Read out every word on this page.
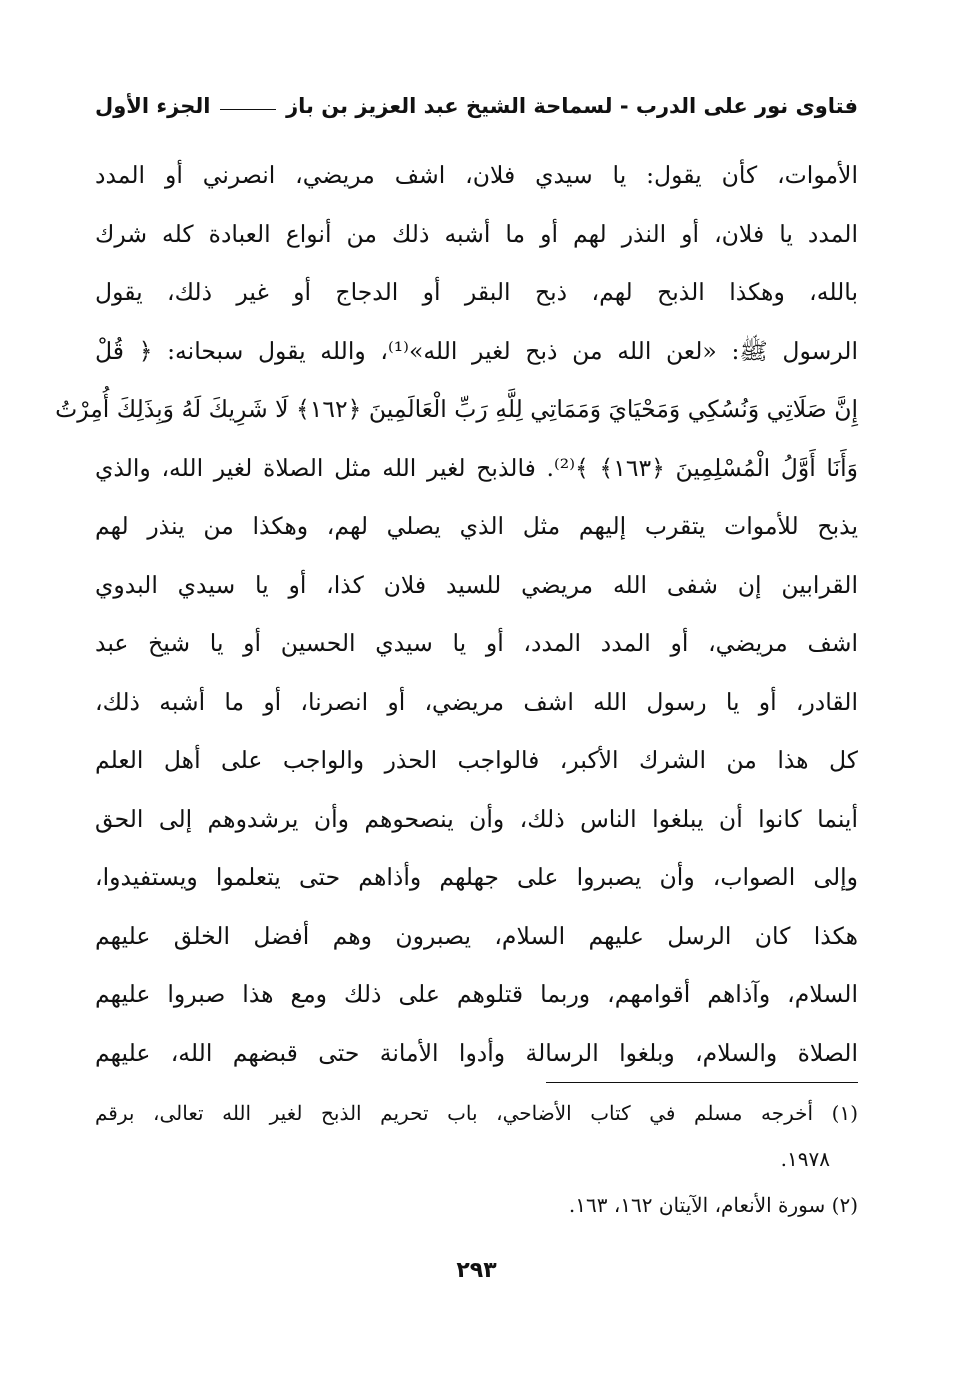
فتاوى نور على الدرب - لسماحة الشيخ عبد العزيز بن باز
الجزء الأول
الأموات، كأن يقول: يا سيدي فلان، اشف مريضي، انصرني أو المدد
المدد يا فلان، أو النذر لهم أو ما أشبه ذلك من أنواع العبادة كله شرك
بالله، وهكذا الذبح لهم، ذبح البقر أو الدجاج أو غير ذلك، يقول
الرسول ﷺ: «لعن الله من ذبح لغير الله»⁽¹⁾، والله يقول سبحانه: ﴿ قُلْ
إِنَّ صَلَاتِي وَنُسُكِي وَمَحْيَايَ وَمَمَاتِي لِلَّهِ رَبِّ الْعَالَمِينَ ﴿١٦٢﴾ لَا شَرِيكَ لَهُ وَبِذَلِكَ أُمِرْتُ
وَأَنَا أَوَّلُ الْمُسْلِمِينَ ﴿١٦٣﴾ ﴾⁽²⁾. فالذبح لغير الله مثل الصلاة لغير الله، والذي
يذبح للأموات يتقرب إليهم مثل الذي يصلي لهم، وهكذا من ينذر لهم
القرابين إن شفى الله مريضي للسيد فلان كذا، أو يا سيدي البدوي
اشف مريضي، أو المدد المدد، أو يا سيدي الحسين أو يا شيخ عبد
القادر، أو يا رسول الله اشف مريضي، أو انصرنا، أو ما أشبه ذلك،
كل هذا من الشرك الأكبر، فالواجب الحذر والواجب على أهل العلم
أينما كانوا أن يبلغوا الناس ذلك، وأن ينصحوهم وأن يرشدوهم إلى الحق
وإلى الصواب، وأن يصبروا على جهلهم وأذاهم حتى يتعلموا ويستفيدوا،
هكذا كان الرسل عليهم السلام، يصبرون وهم أفضل الخلق عليهم
السلام، وآذاهم أقوامهم، وربما قتلوهم على ذلك ومع هذا صبروا عليهم
الصلاة والسلام، وبلغوا الرسالة وأدوا الأمانة حتى قبضهم الله، عليهم
(١) أخرجه مسلم في كتاب الأضاحي، باب تحريم الذبح لغير الله تعالى، برقم
١٩٧٨.
(٢) سورة الأنعام، الآيتان ١٦٢، ١٦٣.
٢٩٣
